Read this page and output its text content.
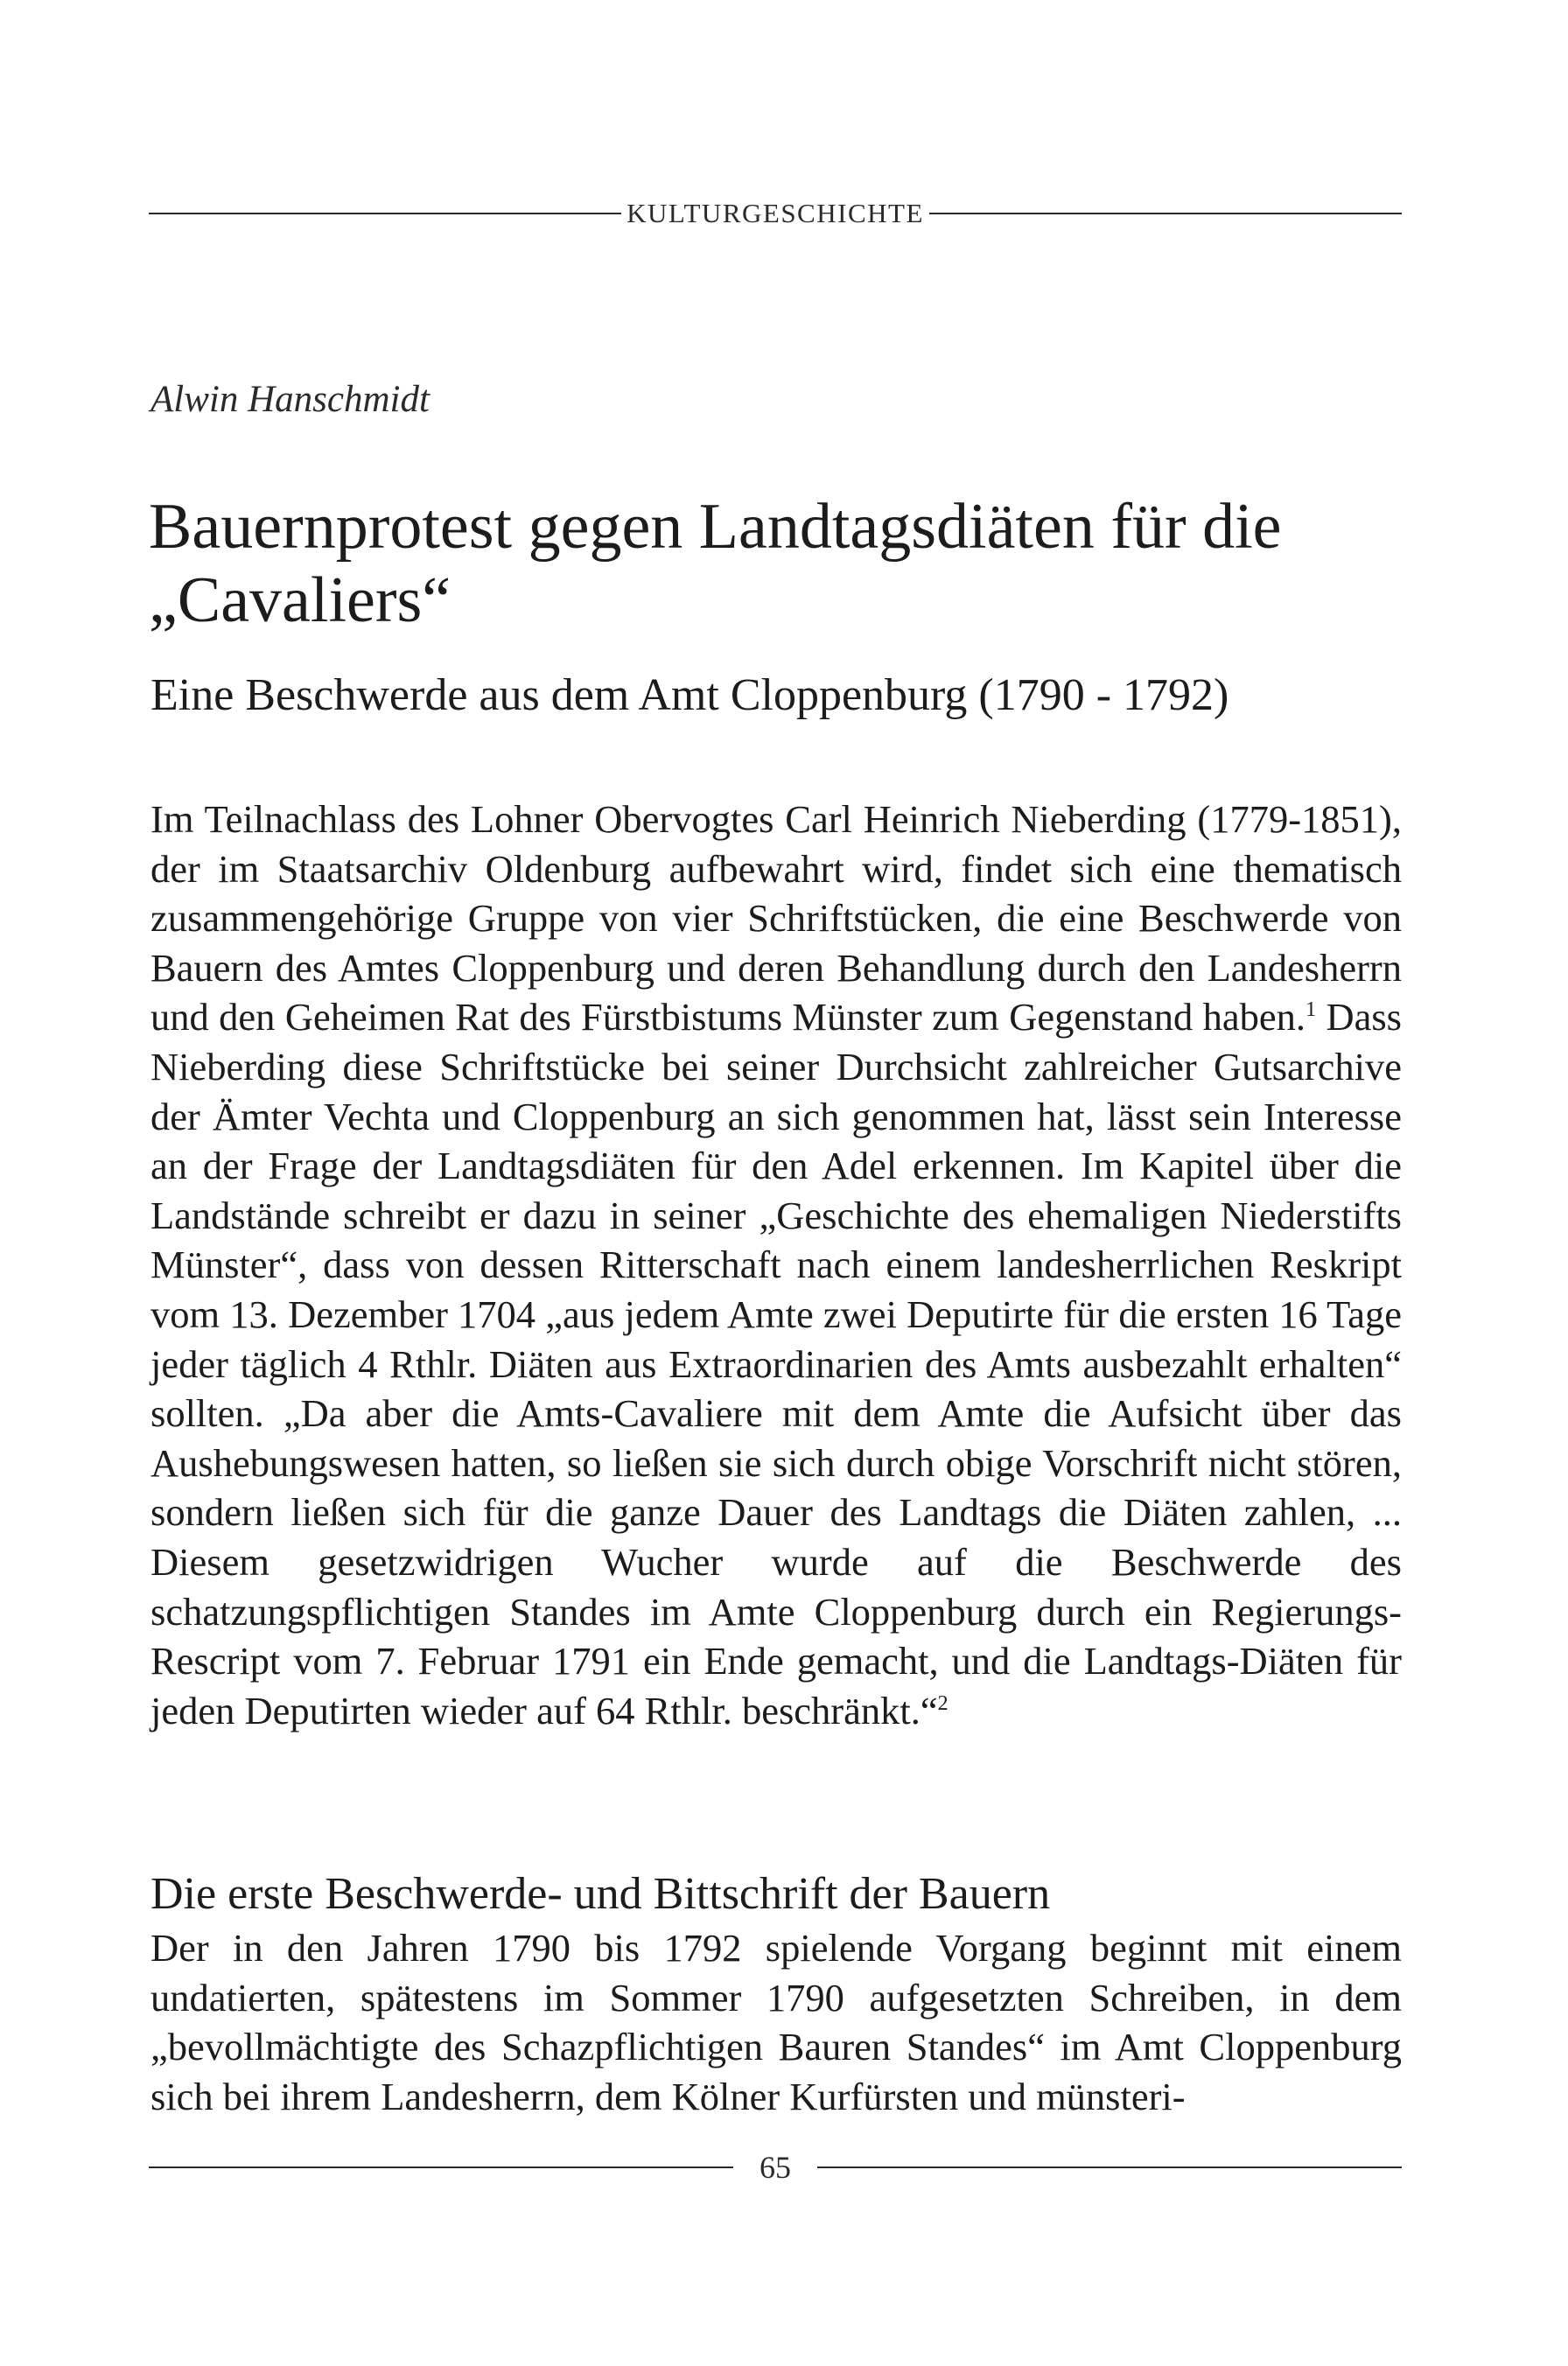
KULTURGESCHICHTE
Alwin Hanschmidt
Bauernprotest gegen Landtagsdiäten für die „Cavaliers“
Eine Beschwerde aus dem Amt Cloppenburg (1790 - 1792)

Im Teilnachlass des Lohner Obervogtes Carl Heinrich Nieberding (1779-1851), der im Staatsarchiv Oldenburg aufbewahrt wird, findet sich eine thematisch zusammengehörige Gruppe von vier Schriftstücken, die eine Beschwerde von Bauern des Amtes Cloppenburg und deren Behandlung durch den Landesherrn und den Geheimen Rat des Fürstbistums Münster zum Gegenstand haben.$^1$ Dass Nieberding diese Schriftstücke bei seiner Durchsicht zahlreicher Gutsarchive der Ämter Vechta und Cloppenburg an sich genommen hat, lässt sein Interesse an der Frage der Landtagsdiäten für den Adel erkennen. Im Kapitel über die Landstände schreibt er dazu in seiner „Geschichte des ehemaligen Niederstifts Münster“, dass von dessen Ritterschaft nach einem landesherrlichen Reskript vom 13. Dezember 1704 „aus jedem Amte zwei Deputirte für die ersten 16 Tage jeder täglich 4 Rthlr. Diäten aus Extraordinarien des Amts ausbezahlt erhalten“ sollten. „Da aber die Amts-Cavaliere mit dem Amte die Aufsicht über das Aushebungswesen hatten, so ließen sie sich durch obige Vorschrift nicht stören, sondern ließen sich für die ganze Dauer des Landtags die Diäten zahlen, ... Diesem gesetzwidrigen Wucher wurde auf die Beschwerde des schatzungspflichtigen Standes im Amte Cloppenburg durch ein Regierungs-Rescript vom 7. Februar 1791 ein Ende gemacht, und die Landtags-Diäten für jeden Deputirten wieder auf 64 Rthlr. beschränkt.“$^2$

Die erste Beschwerde- und Bittschrift der Bauern

Der in den Jahren 1790 bis 1792 spielende Vorgang beginnt mit einem undatierten, spätestens im Sommer 1790 aufgesetzten Schreiben, in dem „bevollmächtigte des Schazpflichtigen Bauren Standes“ im Amt Cloppenburg sich bei ihrem Landesherrn, dem Kölner Kurfürsten und münsteri-

65
